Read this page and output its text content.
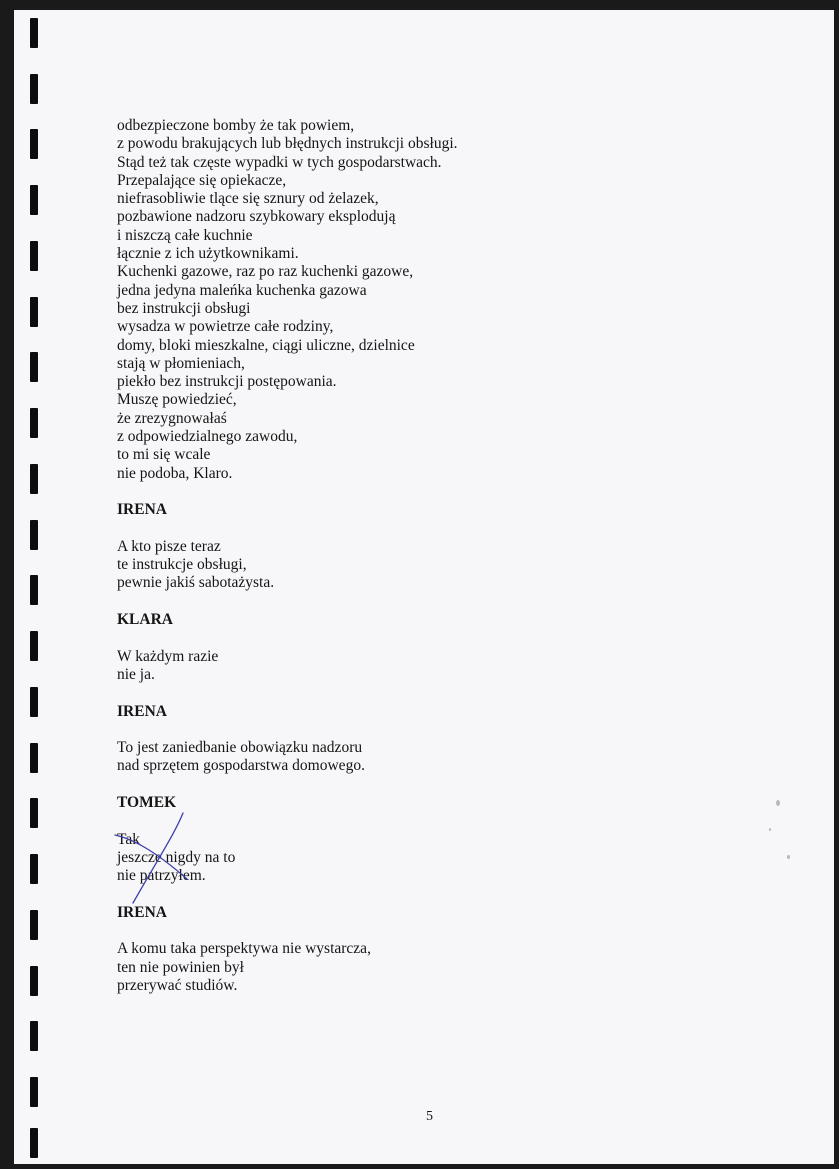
odbezpieczone bomby że tak powiem,
z powodu brakujących lub błędnych instrukcji obsługi.
Stąd też tak częste wypadki w tych gospodarstwach.
Przepalające się opiekacze,
niefrasobliwie tlące się sznury od żelazek,
pozbawione nadzoru szybkowary eksplodują
i niszczą całe kuchnie
łącznie z ich użytkownikami.
Kuchenki gazowe, raz po raz kuchenki gazowe,
jedna jedyna maleńka kuchenka gazowa
bez instrukcji obsługi
wysadza w powietrze całe rodziny,
domy, bloki mieszkalne, ciągi uliczne, dzielnice
stają w płomieniach,
piekło bez instrukcji postępowania.
Muszę powiedzieć,
że zrezygnowałaś
z odpowiedzialnego zawodu,
to mi się wcale
nie podoba, Klaro.
IRENA
A kto pisze teraz
te instrukcje obsługi,
pewnie jakiś sabotażysta.
KLARA
W każdym razie
nie ja.
IRENA
To jest zaniedbanie obowiązku nadzoru
nad sprzętem gospodarstwa domowego.
TOMEK
Tak
jeszcze nigdy na to
nie patrzyłem.
IRENA
A komu taka perspektywa nie wystarcza,
ten nie powinien był
przerywać studiów.
5
